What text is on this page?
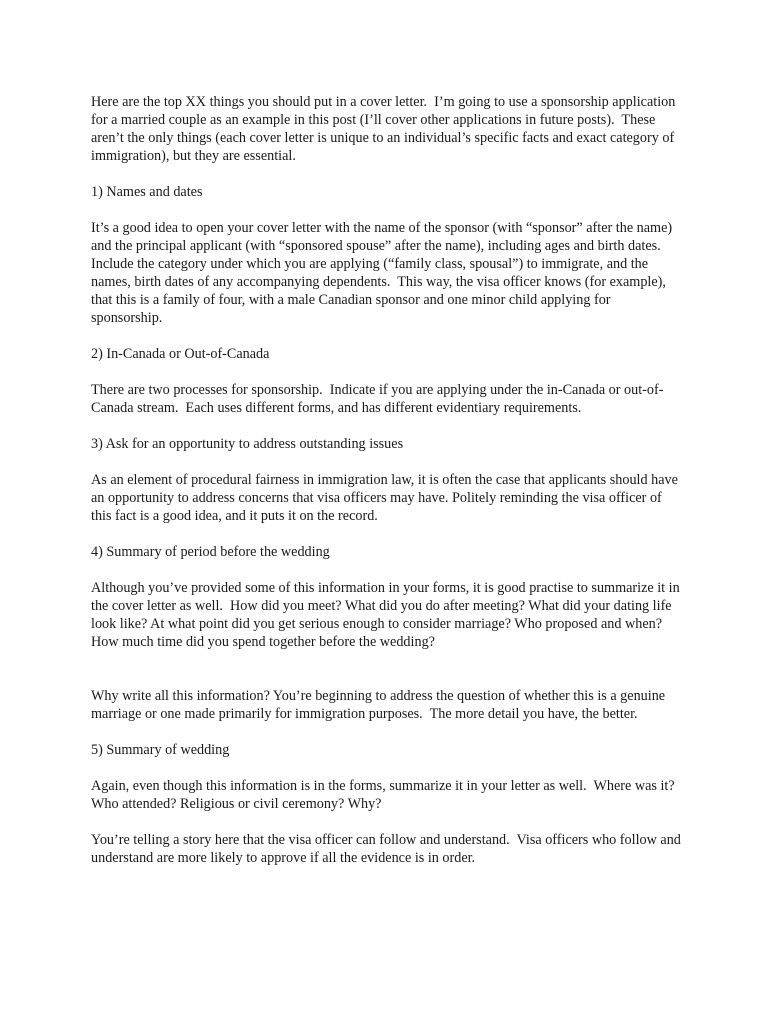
Here are the top XX things you should put in a cover letter.  I’m going to use a sponsorship application for a married couple as an example in this post (I’ll cover other applications in future posts).  These aren’t the only things (each cover letter is unique to an individual’s specific facts and exact category of immigration), but they are essential.

1) Names and dates

It’s a good idea to open your cover letter with the name of the sponsor (with “sponsor” after the name) and the principal applicant (with “sponsored spouse” after the name), including ages and birth dates.  Include the category under which you are applying (“family class, spousal”) to immigrate, and the names, birth dates of any accompanying dependents.  This way, the visa officer knows (for example), that this is a family of four, with a male Canadian sponsor and one minor child applying for sponsorship.

2) In-Canada or Out-of-Canada

There are two processes for sponsorship.  Indicate if you are applying under the in-Canada or out-of-Canada stream.  Each uses different forms, and has different evidentiary requirements.

3) Ask for an opportunity to address outstanding issues

As an element of procedural fairness in immigration law, it is often the case that applicants should have an opportunity to address concerns that visa officers may have. Politely reminding the visa officer of this fact is a good idea, and it puts it on the record.

4) Summary of period before the wedding

Although you’ve provided some of this information in your forms, it is good practise to summarize it in the cover letter as well.  How did you meet? What did you do after meeting? What did your dating life look like? At what point did you get serious enough to consider marriage? Who proposed and when? How much time did you spend together before the wedding?

Why write all this information? You’re beginning to address the question of whether this is a genuine marriage or one made primarily for immigration purposes.  The more detail you have, the better.

5) Summary of wedding

Again, even though this information is in the forms, summarize it in your letter as well.  Where was it? Who attended? Religious or civil ceremony? Why?

You’re telling a story here that the visa officer can follow and understand.  Visa officers who follow and understand are more likely to approve if all the evidence is in order.
